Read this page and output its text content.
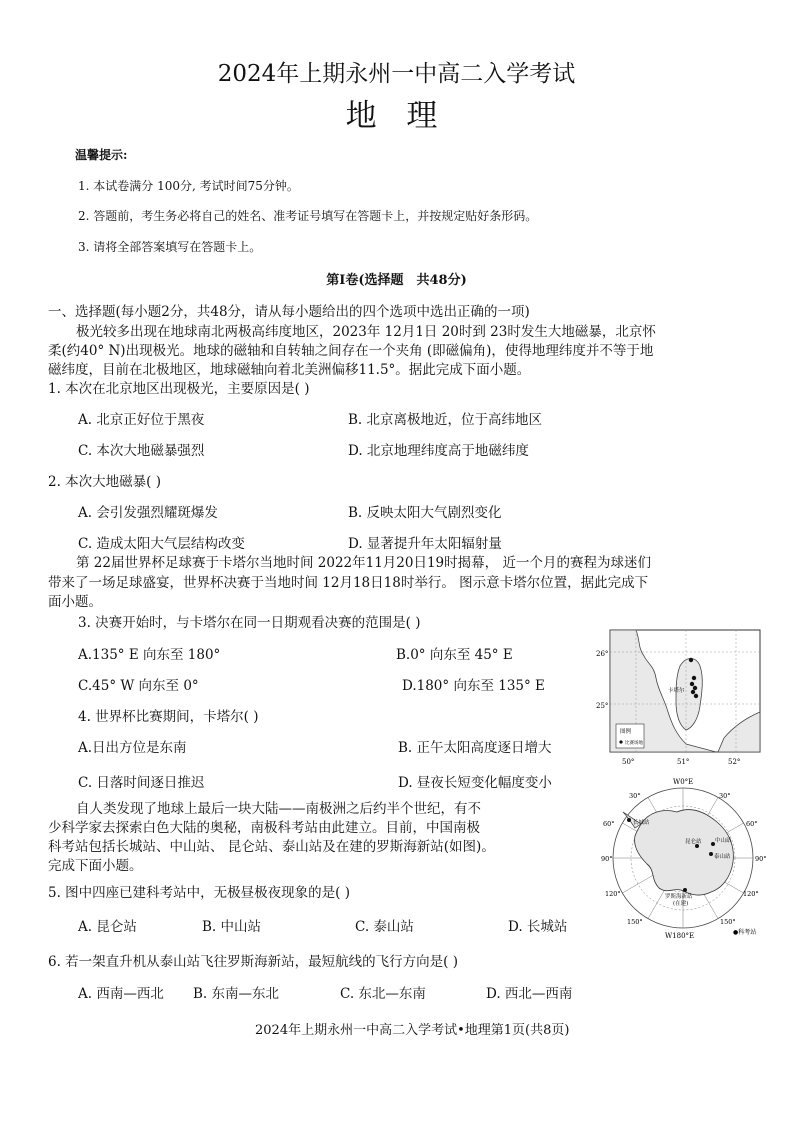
2024年上期永州一中高二入学考试
地 理
温馨提示:
1. 本试卷满分 100分, 考试时间75分钟。
2. 答题前，考生务必将自己的姓名、准考证号填写在答题卡上，并按规定贴好条形码。
3. 请将全部答案填写在答题卡上。
第Ⅰ卷(选择题　共48分)
一、选择题(每小题2分，共48分，请从每小题给出的四个选项中选出正确的一项)
极光较多出现在地球南北两极高纬度地区，2023年 12月1日 20时到 23时发生大地磁暴，北京怀
柔(约40° N)出现极光。地球的磁轴和自转轴之间存在一个夹角 (即磁偏角)，使得地理纬度并不等于地
磁纬度，目前在北极地区，地球磁轴向着北美洲偏移11.5°。据此完成下面小题。
1. 本次在北京地区出现极光，主要原因是( )
A. 北京正好位于黑夜	B. 北京离极地近，位于高纬地区
C. 本次大地磁暴强烈	D. 北京地理纬度高于地磁纬度
2. 本次大地磁暴( )
A. 会引发强烈耀斑爆发	B. 反映太阳大气剧烈变化
C. 造成太阳大气层结构改变	D. 显著提升年太阳辐射量
第 22届世界杯足球赛于卡塔尔当地时间 2022年11月20日19时揭幕， 近一个月的赛程为球迷们
带来了一场足球盛宴，世界杯决赛于当地时间 12月18日18时举行。 图示意卡塔尔位置，据此完成下
面小题。
3. 决赛开始时，与卡塔尔在同一日期观看决赛的范围是( )
A.135° E 向东至 180°	B.0° 向东至 45° E
C.45° W 向东至 0°	D.180° 向东至 135° E
4. 世界杯比赛期间，卡塔尔( )
A.日出方位是东南	B. 正午太阳高度逐日增大
C. 日落时间逐日推迟	D. 昼夜长短变化幅度变小
自人类发现了地球上最后一块大陆——南极洲之后约半个世纪，有不
少科学家去探索白色大陆的奥秘，南极科考站由此建立。目前，中国南极
科考站包括长城站、中山站、 昆仑站、泰山站及在建的罗斯海新站(如图)。
完成下面小题。
5. 图中四座已建科考站中，无极昼极夜现象的是( )
A. 昆仑站	B. 中山站	C. 泰山站	D. 长城站
6. 若一架直升机从泰山站飞往罗斯海新站，最短航线的飞行方向是( )
A. 西南—西北 B. 东南—东北	C. 东北—东南	D. 西北—西南
2024年上期永州一中高二入学考试•地理第1页(共8页)
26°
25°
50°	51°	52°
卡塔尔
图例
比赛场地
W0°E
W180°E
30°
60°
90°
120°
150°
30°
60°
90°
120°
150°
长城站
昆仑站 中山站
泰山站
罗斯海新站
(在建)
●科考站
